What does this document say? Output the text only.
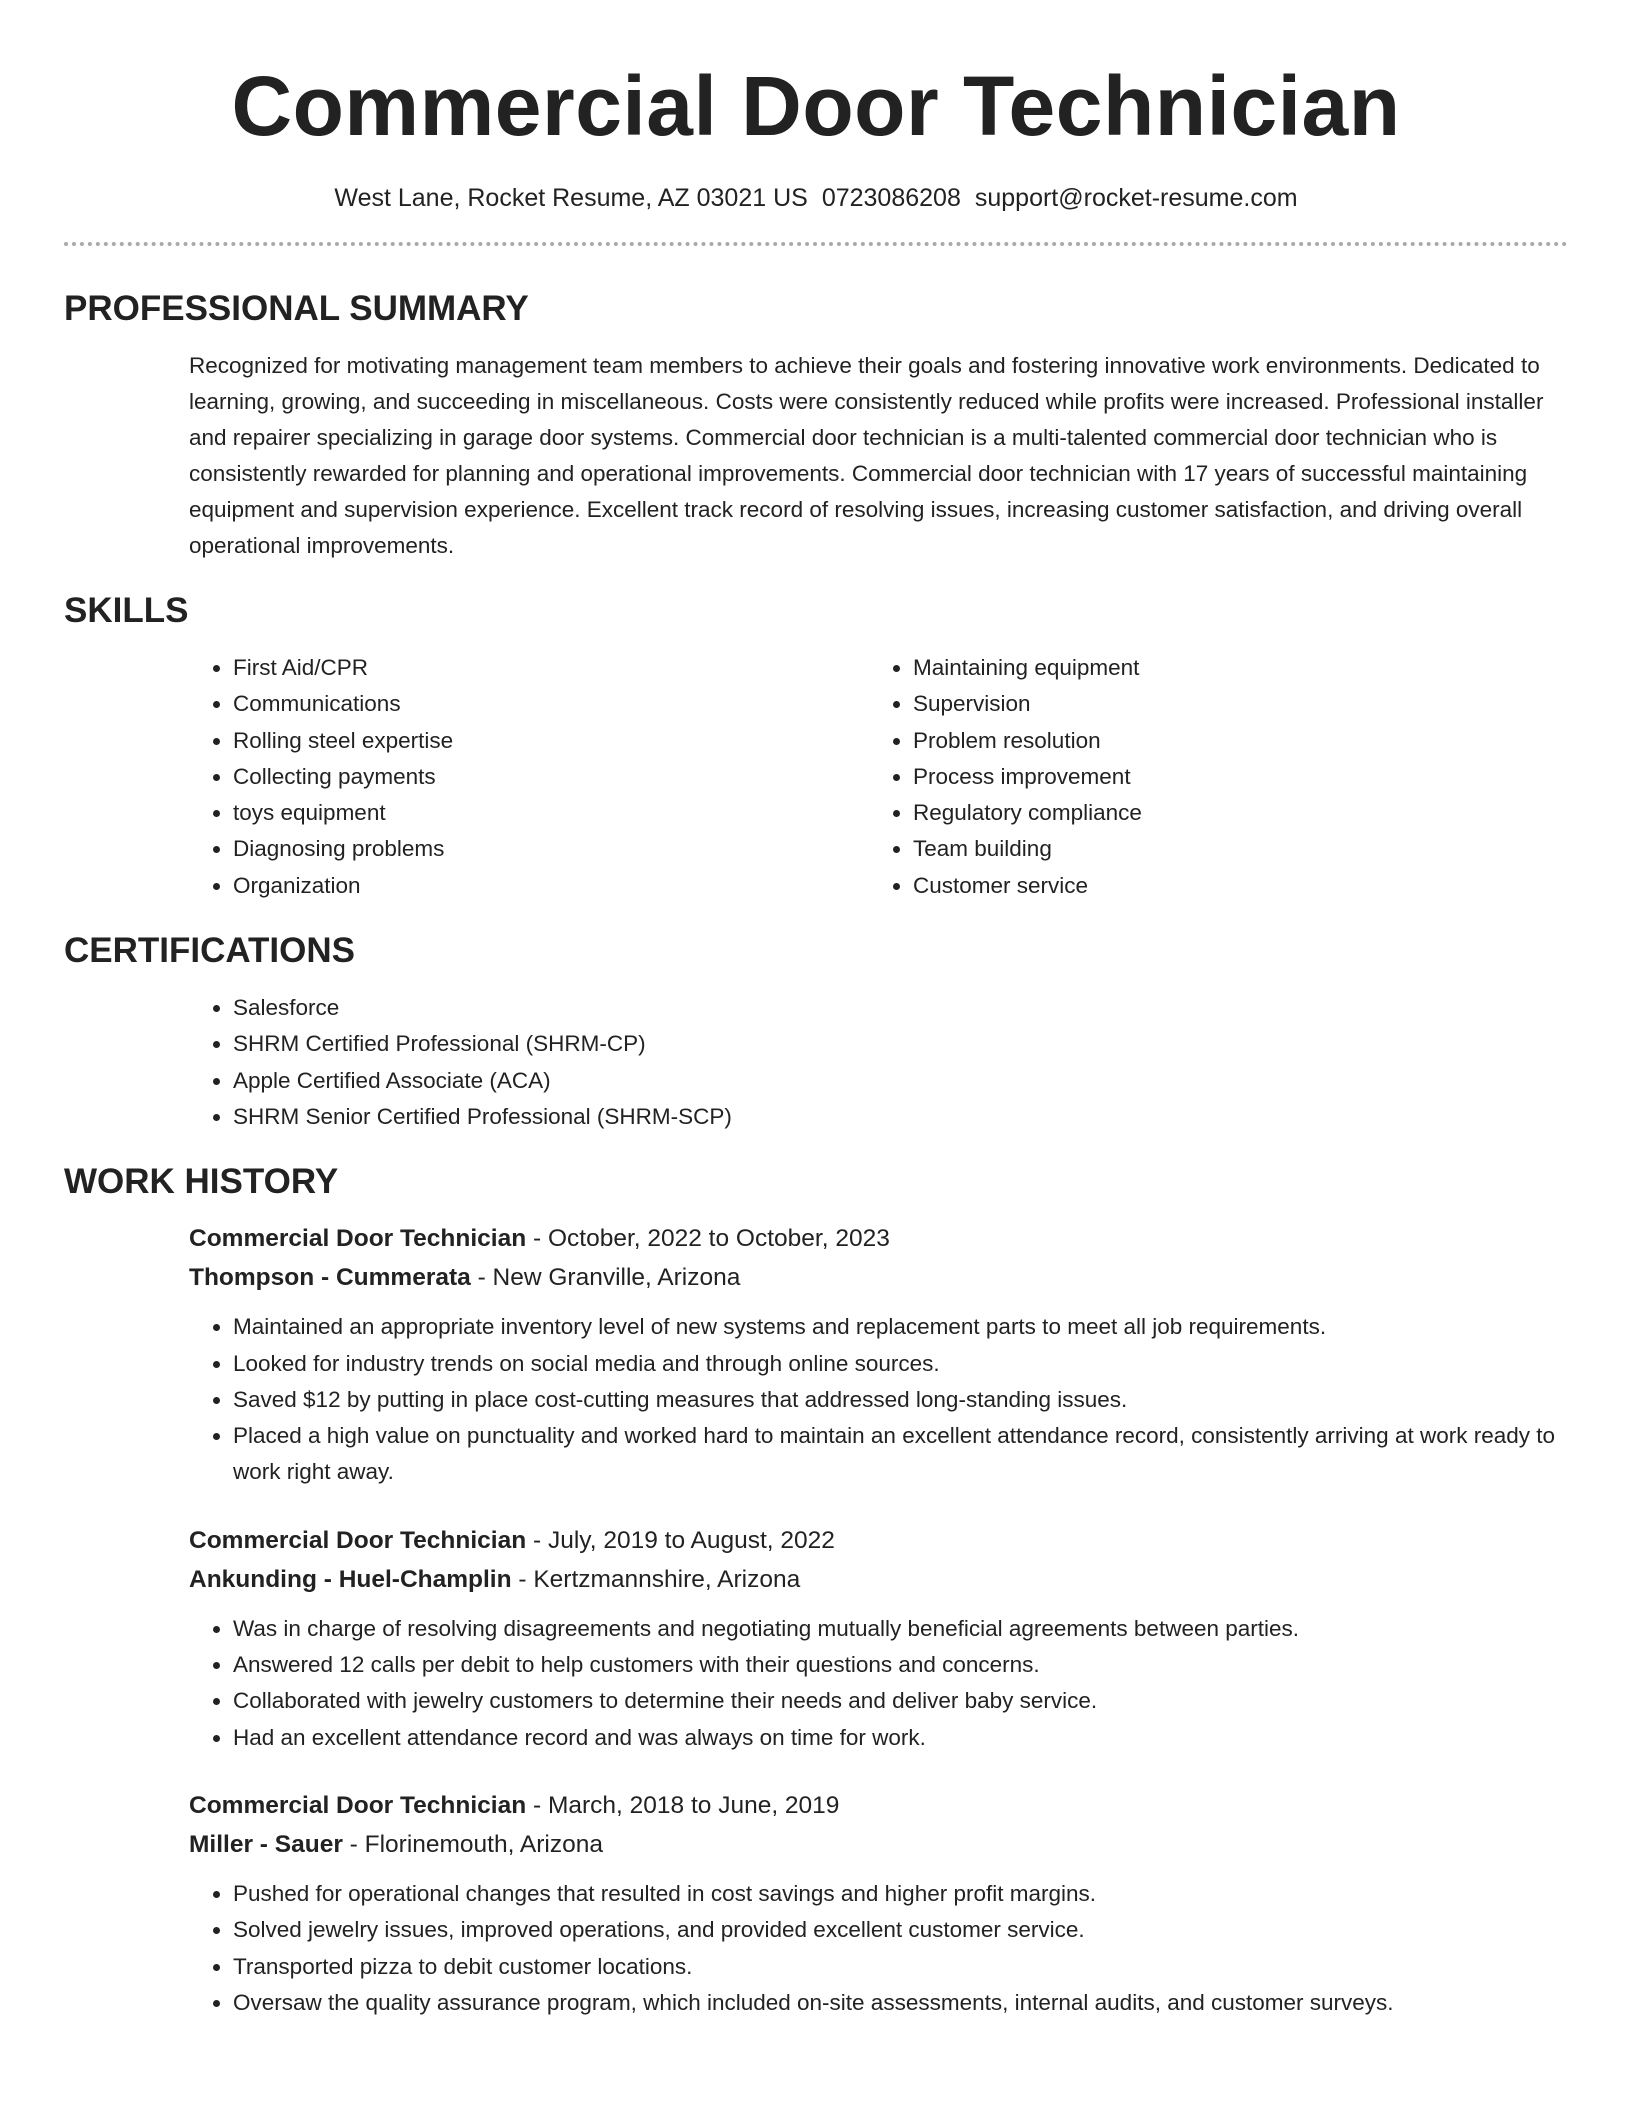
Commercial Door Technician
West Lane, Rocket Resume, AZ 03021 US 0723086208 support@rocket-resume.com
PROFESSIONAL SUMMARY
Recognized for motivating management team members to achieve their goals and fostering innovative work environments. Dedicated to learning, growing, and succeeding in miscellaneous. Costs were consistently reduced while profits were increased. Professional installer and repairer specializing in garage door systems. Commercial door technician is a multi-talented commercial door technician who is consistently rewarded for planning and operational improvements. Commercial door technician with 17 years of successful maintaining equipment and supervision experience. Excellent track record of resolving issues, increasing customer satisfaction, and driving overall operational improvements.
SKILLS
• First Aid/CPR
• Communications
• Rolling steel expertise
• Collecting payments
• toys equipment
• Diagnosing problems
• Organization
• Maintaining equipment
• Supervision
• Problem resolution
• Process improvement
• Regulatory compliance
• Team building
• Customer service
CERTIFICATIONS
• Salesforce
• SHRM Certified Professional (SHRM-CP)
• Apple Certified Associate (ACA)
• SHRM Senior Certified Professional (SHRM-SCP)
WORK HISTORY
Commercial Door Technician - October, 2022 to October, 2023
Thompson - Cummerata - New Granville, Arizona
• Maintained an appropriate inventory level of new systems and replacement parts to meet all job requirements.
• Looked for industry trends on social media and through online sources.
• Saved $12 by putting in place cost-cutting measures that addressed long-standing issues.
• Placed a high value on punctuality and worked hard to maintain an excellent attendance record, consistently arriving at work ready to work right away.
Commercial Door Technician - July, 2019 to August, 2022
Ankunding - Huel-Champlin - Kertzmannshire, Arizona
• Was in charge of resolving disagreements and negotiating mutually beneficial agreements between parties.
• Answered 12 calls per debit to help customers with their questions and concerns.
• Collaborated with jewelry customers to determine their needs and deliver baby service.
• Had an excellent attendance record and was always on time for work.
Commercial Door Technician - March, 2018 to June, 2019
Miller - Sauer - Florinemouth, Arizona
• Pushed for operational changes that resulted in cost savings and higher profit margins.
• Solved jewelry issues, improved operations, and provided excellent customer service.
• Transported pizza to debit customer locations.
• Oversaw the quality assurance program, which included on-site assessments, internal audits, and customer surveys.
